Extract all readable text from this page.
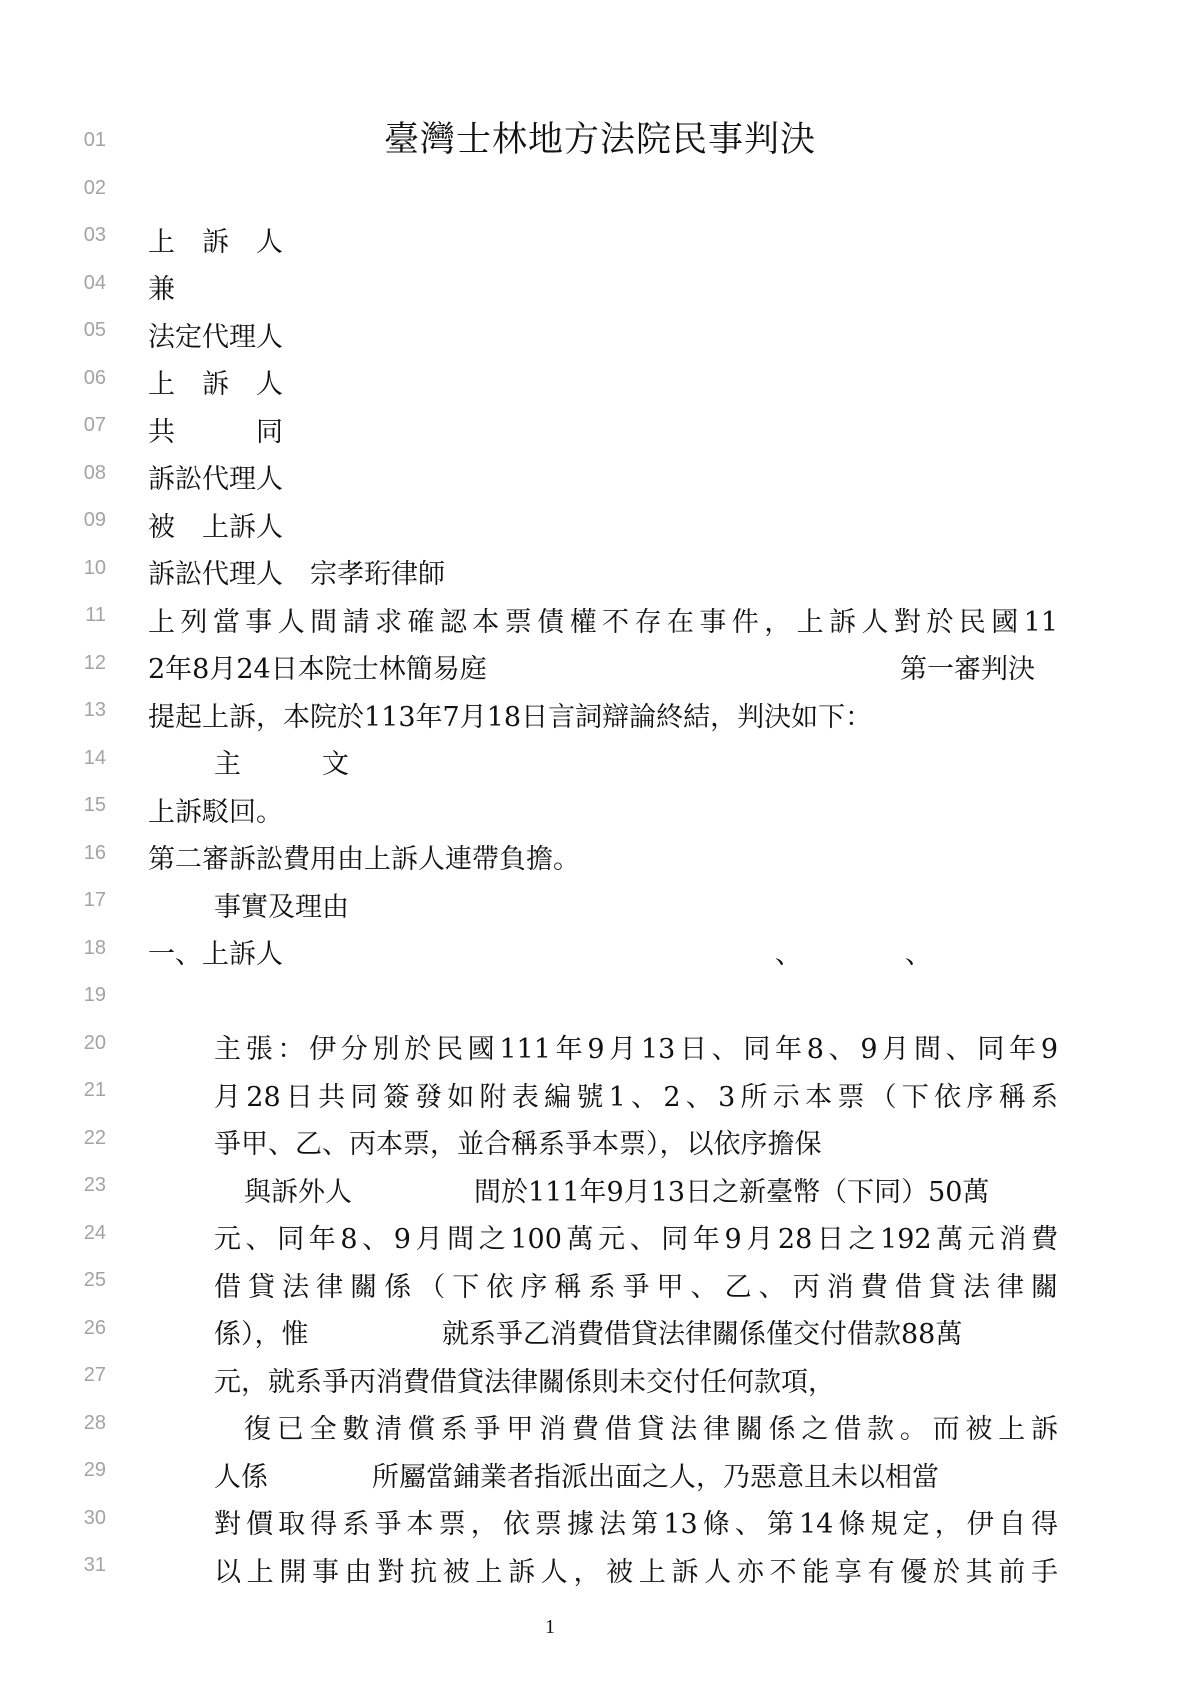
01
02
03
04
05
06
07
08
09
10
11
12
13
14
15
16
17
18
19
20
21
22
23
24
25
26
27
28
29
30
31
臺灣士林地方法院民事判決
上　訴　人
兼
法定代理人
上　訴　人
共　　　同
訴訟代理人
被　上訴人
訴訟代理人　宗孝珩律師
上列當事人間請求確認本票債權不存在事件，上訴人對於民國11
2年8月24日本院士林簡易庭	第一審判決
提起上訴，本院於113年7月18日言詞辯論終結，判決如下：
主　　　文
上訴駁回。
第二審訴訟費用由上訴人連帶負擔。
事實及理由
一、上訴人	、	、
主張：伊分別於民國111年9月13日、同年8、9月間、同年9
月28日共同簽發如附表編號1、2、3所示本票（下依序稱系
爭甲、乙、丙本票，並合稱系爭本票），以依序擔保
與訴外人	間於111年9月13日之新臺幣（下同）50萬
元、同年8、9月間之100萬元、同年9月28日之192萬元消費
借貸法律關係（下依序稱系爭甲、乙、丙消費借貸法律關
係），惟	就系爭乙消費借貸法律關係僅交付借款88萬
元，就系爭丙消費借貸法律關係則未交付任何款項，
復已全數清償系爭甲消費借貸法律關係之借款。而被上訴
人係	所屬當鋪業者指派出面之人，乃惡意且未以相當
對價取得系爭本票，依票據法第13條、第14條規定，伊自得
以上開事由對抗被上訴人，被上訴人亦不能享有優於其前手
1
